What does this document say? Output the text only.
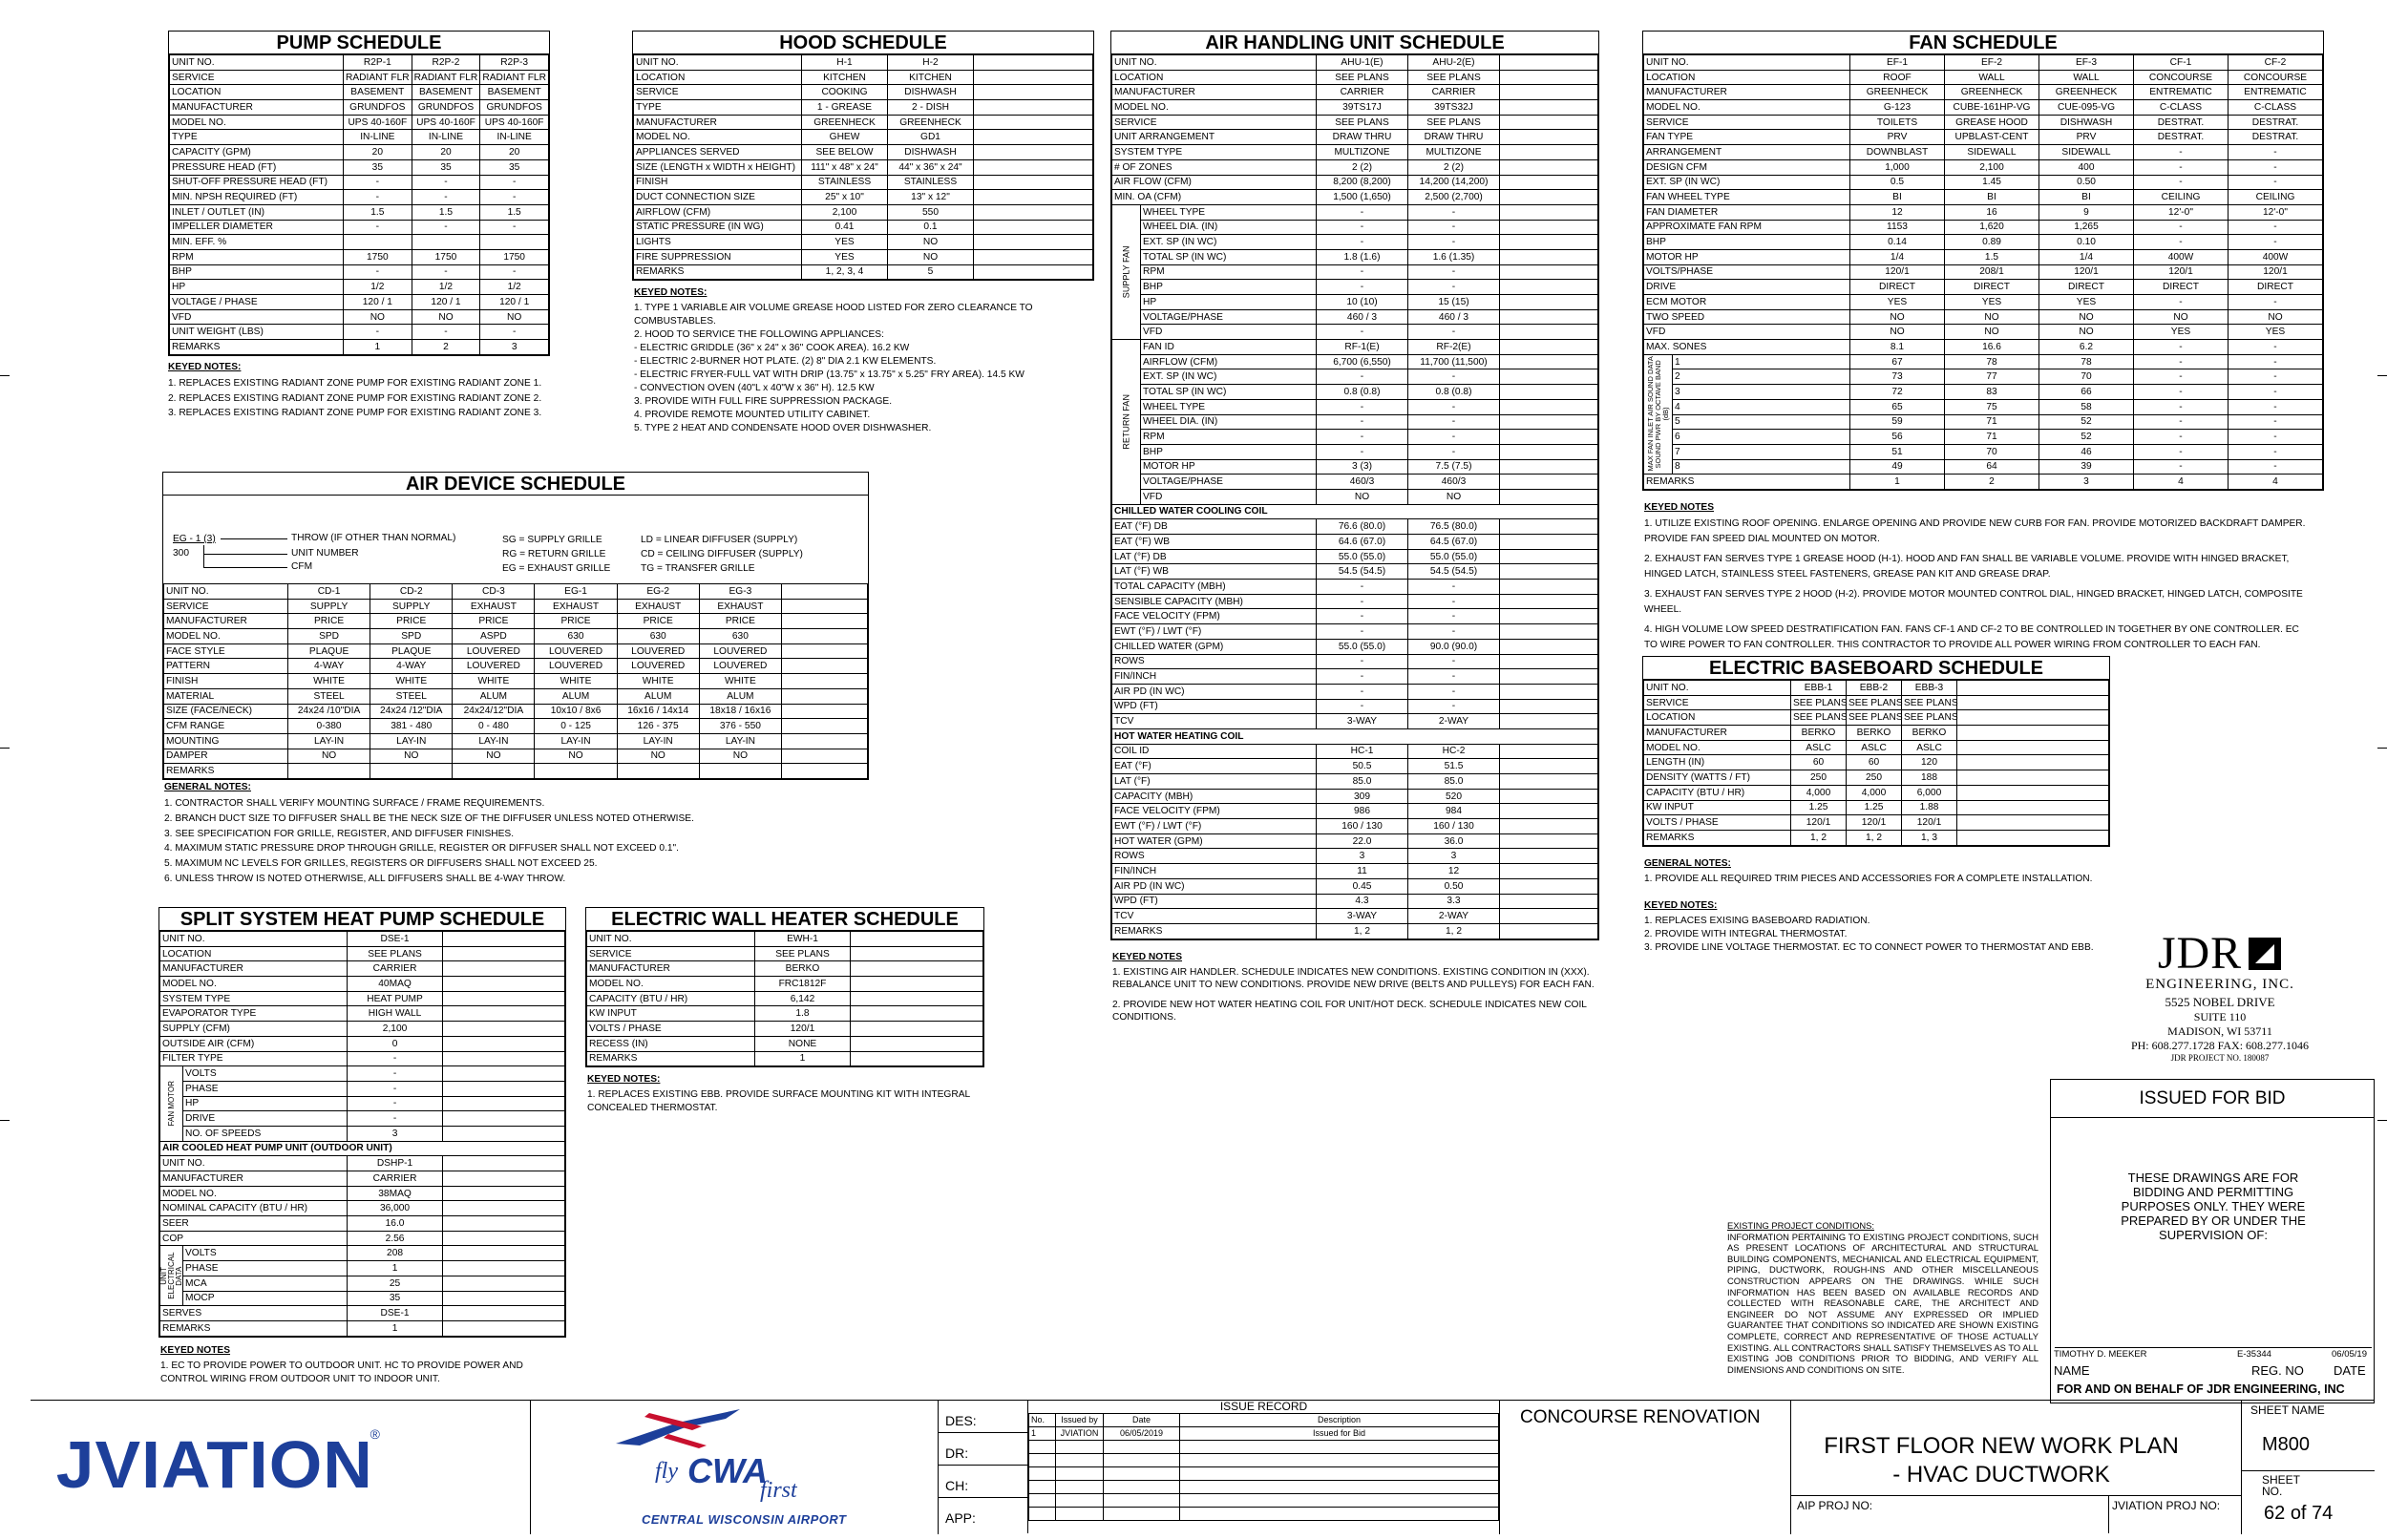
PUMP SCHEDULE
UNIT NO.	R2P-1	R2P-2	R2P-3
SERVICE	RADIANT FLR	RADIANT FLR	RADIANT FLR
LOCATION	BASEMENT	BASEMENT	BASEMENT
MANUFACTURER	GRUNDFOS	GRUNDFOS	GRUNDFOS
MODEL NO.	UPS 40-160F	UPS 40-160F	UPS 40-160F
TYPE	IN-LINE	IN-LINE	IN-LINE
CAPACITY (GPM)	20	20	20
PRESSURE HEAD (FT)	35	35	35
SHUT-OFF PRESSURE HEAD (FT)	-	-	-
MIN. NPSH REQUIRED (FT)	-	-	-
INLET / OUTLET (IN)	1.5	1.5	1.5
IMPELLER DIAMETER	-	-	-
MIN. EFF. %			
RPM	1750	1750	1750
BHP	-	-	-
HP	1/2	1/2	1/2
VOLTAGE / PHASE	120 / 1	120 / 1	120 / 1
VFD	NO	NO	NO
UNIT WEIGHT (LBS)	-	-	-
REMARKS	1	2	3
KEYED NOTES:
1. REPLACES EXISTING RADIANT ZONE PUMP FOR EXISTING RADIANT ZONE 1.
2. REPLACES EXISTING RADIANT ZONE PUMP FOR EXISTING RADIANT ZONE 2.
3. REPLACES EXISTING RADIANT ZONE PUMP FOR EXISTING RADIANT ZONE 3.
HOOD SCHEDULE
UNIT NO.	H-1	H-2	
LOCATION	KITCHEN	KITCHEN	
SERVICE	COOKING	DISHWASH	
TYPE	1 - GREASE	2 - DISH	
MANUFACTURER	GREENHECK	GREENHECK	
MODEL NO.	GHEW	GD1	
APPLIANCES SERVED	SEE BELOW	DISHWASH	
SIZE (LENGTH x WIDTH x HEIGHT)	111" x 48" x 24"	44" x 36" x 24"	
FINISH	STAINLESS	STAINLESS	
DUCT CONNECTION SIZE	25" x 10"	13" x 12"	
AIRFLOW (CFM)	2,100	550	
STATIC PRESSURE (IN WG)	0.41	0.1	
LIGHTS	YES	NO	
FIRE SUPPRESSION	YES	NO	
REMARKS	1, 2, 3, 4	5	
KEYED NOTES:
1. TYPE 1 VARIABLE AIR VOLUME GREASE HOOD LISTED FOR ZERO CLEARANCE TO
COMBUSTABLES.
2. HOOD TO SERVICE THE FOLLOWING APPLIANCES:
- ELECTRIC GRIDDLE (36" x 24" x 36" COOK AREA). 16.2 KW
- ELECTRIC 2-BURNER HOT PLATE. (2) 8" DIA 2.1 KW ELEMENTS.
- ELECTRIC FRYER-FULL VAT WITH DRIP (13.75" x 13.75" x 5.25" FRY AREA). 14.5 KW
- CONVECTION OVEN (40"L x 40"W x 36" H). 12.5 KW
3. PROVIDE WITH FULL FIRE SUPPRESSION PACKAGE.
4. PROVIDE REMOTE MOUNTED UTILITY CABINET.
5. TYPE 2 HEAT AND CONDENSATE HOOD OVER DISHWASHER.
AIR HANDLING UNIT SCHEDULE
UNIT NO.		AHU-1(E)	AHU-2(E)	
LOCATION		SEE PLANS	SEE PLANS	
MANUFACTURER		CARRIER	CARRIER	
MODEL NO.		39TS17J	39TS32J	
SERVICE		SEE PLANS	SEE PLANS	
UNIT ARRANGEMENT		DRAW THRU	DRAW THRU	
SYSTEM TYPE		MULTIZONE	MULTIZONE	
# OF ZONES		2 (2)	2 (2)	
AIR FLOW (CFM)		8,200 (8,200)	14,200 (14,200)	
MIN. OA (CFM)		1,500 (1,650)	2,500 (2,700)	
SUPPLY FAN	WHEEL TYPE	-	-	
	WHEEL DIA. (IN)	-	-	
	EXT. SP (IN WC)	-	-	
	TOTAL SP (IN WC)	1.8 (1.6)	1.6 (1.35)	
	RPM	-	-	
	BHP	-	-	
	HP	10 (10)	15 (15)	
	VOLTAGE/PHASE	460 / 3	460 / 3	
	VFD	-	-	
RETURN FAN	FAN ID	RF-1(E)	RF-2(E)	
	AIRFLOW (CFM)	6,700 (6,550)	11,700 (11,500)	
	EXT. SP (IN WC)	-	-	
	TOTAL SP (IN WC)	0.8 (0.8)	0.8 (0.8)	
	WHEEL TYPE	-	-	
	WHEEL DIA. (IN)	-	-	
	RPM	-	-	
	BHP	-	-	
	MOTOR HP	3 (3)	7.5 (7.5)	
	VOLTAGE/PHASE	460/3	460/3	
	VFD	NO	NO	
CHILLED WATER COOLING COIL				
EAT (°F) DB		76.6 (80.0)	76.5 (80.0)	
EAT (°F) WB		64.6 (67.0)	64.5 (67.0)	
LAT (°F) DB		55.0 (55.0)	55.0 (55.0)	
LAT (°F) WB		54.5 (54.5)	54.5 (54.5)	
TOTAL CAPACITY (MBH)		-	-	
SENSIBLE CAPACITY (MBH)		-	-	
FACE VELOCITY (FPM)		-	-	
EWT (°F) / LWT (°F)		-	-	
CHILLED WATER (GPM)		55.0 (55.0)	90.0 (90.0)	
ROWS		-	-	
FIN/INCH		-	-	
AIR PD (IN WC)		-	-	
WPD (FT)		-	-	
TCV		3-WAY	2-WAY	
HOT WATER HEATING COIL				
COIL ID		HC-1	HC-2	
EAT (°F)		50.5	51.5	
LAT (°F)		85.0	85.0	
CAPACITY (MBH)		309	520	
FACE VELOCITY (FPM)		986	984	
EWT (°F) / LWT (°F)		160 / 130	160 / 130	
HOT WATER (GPM)		22.0	36.0	
ROWS		3	3	
FIN/INCH		11	12	
AIR PD (IN WC)		0.45	0.50	
WPD (FT)		4.3	3.3	
TCV		3-WAY	2-WAY	
REMARKS		1, 2	1, 2	
KEYED NOTES
1. EXISTING AIR HANDLER. SCHEDULE INDICATES NEW CONDITIONS. EXISTING CONDITION IN (XXX).
REBALANCE UNIT TO NEW CONDITIONS. PROVIDE NEW DRIVE (BELTS AND PULLEYS) FOR EACH FAN.
2. PROVIDE NEW HOT WATER HEATING COIL FOR UNIT/HOT DECK. SCHEDULE INDICATES NEW COIL
CONDITIONS.
FAN SCHEDULE
UNIT NO.		EF-1	EF-2	EF-3	CF-1	CF-2
LOCATION		ROOF	WALL	WALL	CONCOURSE	CONCOURSE
MANUFACTURER		GREENHECK	GREENHECK	GREENHECK	ENTREMATIC	ENTREMATIC
MODEL NO.		G-123	CUBE-161HP-VG	CUE-095-VG	C-CLASS	C-CLASS
SERVICE		TOILETS	GREASE HOOD	DISHWASH	DESTRAT.	DESTRAT.
FAN TYPE		PRV	UPBLAST-CENT	PRV	DESTRAT.	DESTRAT.
ARRANGEMENT		DOWNBLAST	SIDEWALL	SIDEWALL	-	-
DESIGN CFM		1,000	2,100	400	-	-
EXT. SP (IN WC)		0.5	1.45	0.50	-	-
FAN WHEEL TYPE		BI	BI	BI	CEILING	CEILING
FAN DIAMETER		12	16	9	12'-0"	12'-0"
APPROXIMATE FAN RPM		1153	1,620	1,265	-	-
BHP		0.14	0.89	0.10	-	-
MOTOR HP		1/4	1.5	1/4	400W	400W
VOLTS/PHASE		120/1	208/1	120/1	120/1	120/1
DRIVE		DIRECT	DIRECT	DIRECT	DIRECT	DIRECT
ECM MOTOR		YES	YES	YES	-	-
TWO SPEED		NO	NO	NO	NO	NO
VFD		NO	NO	NO	YES	YES
MAX. SONES		8.1	16.6	6.2	-	-
MAX FAN INLET AIR SOUND DATA SOUND PWR BY OCTAVE BAND (dB)	1	67	78	78	-	-
	2	73	77	70	-	-
	3	72	83	66	-	-
	4	65	75	58	-	-
	5	59	71	52	-	-
	6	56	71	52	-	-
	7	51	70	46	-	-
	8	49	64	39	-	-
REMARKS		1	2	3	4	4
KEYED NOTES
1. UTILIZE EXISTING ROOF OPENING. ENLARGE OPENING AND PROVIDE NEW CURB FOR FAN. PROVIDE MOTORIZED BACKDRAFT DAMPER.
PROVIDE FAN SPEED DIAL MOUNTED ON MOTOR.
2. EXHAUST FAN SERVES TYPE 1 GREASE HOOD (H-1). HOOD AND FAN SHALL BE VARIABLE VOLUME. PROVIDE WITH HINGED BRACKET,
HINGED LATCH, STAINLESS STEEL FASTENERS, GREASE PAN KIT AND GREASE DRAP.
3. EXHAUST FAN SERVES TYPE 2 HOOD (H-2). PROVIDE MOTOR MOUNTED CONTROL DIAL, HINGED BRACKET, HINGED LATCH, COMPOSITE
WHEEL.
4. HIGH VOLUME LOW SPEED DESTRATIFICATION FAN. FANS CF-1 AND CF-2 TO BE CONTROLLED IN TOGETHER BY ONE CONTROLLER. EC
TO WIRE POWER TO FAN CONTROLLER. THIS CONTRACTOR TO PROVIDE ALL POWER WIRING FROM CONTROLLER TO EACH FAN.
AIR DEVICE SCHEDULE
EG - 1 (3)
300
THROW (IF OTHER THAN NORMAL)
UNIT NUMBER
CFM
SG = SUPPLY GRILLE
RG = RETURN GRILLE
EG = EXHAUST GRILLE
LD = LINEAR DIFFUSER (SUPPLY)
CD = CEILING DIFFUSER (SUPPLY)
TG = TRANSFER GRILLE
UNIT NO.	CD-1	CD-2	CD-3	EG-1	EG-2	EG-3	
SERVICE	SUPPLY	SUPPLY	EXHAUST	EXHAUST	EXHAUST	EXHAUST	
MANUFACTURER	PRICE	PRICE	PRICE	PRICE	PRICE	PRICE	
MODEL NO.	SPD	SPD	ASPD	630	630	630	
FACE STYLE	PLAQUE	PLAQUE	LOUVERED	LOUVERED	LOUVERED	LOUVERED	
PATTERN	4-WAY	4-WAY	LOUVERED	LOUVERED	LOUVERED	LOUVERED	
FINISH	WHITE	WHITE	WHITE	WHITE	WHITE	WHITE	
MATERIAL	STEEL	STEEL	ALUM	ALUM	ALUM	ALUM	
SIZE (FACE/NECK)	24x24 /10"DIA	24x24 /12"DIA	24x24/12"DIA	10x10 / 8x6	16x16 / 14x14	18x18 / 16x16	
CFM RANGE	0-380	381 - 480	0 - 480	0 - 125	126 - 375	376 - 550	
MOUNTING	LAY-IN	LAY-IN	LAY-IN	LAY-IN	LAY-IN	LAY-IN	
DAMPER	NO	NO	NO	NO	NO	NO	
REMARKS							
GENERAL NOTES:
1. CONTRACTOR SHALL VERIFY MOUNTING SURFACE / FRAME REQUIREMENTS.
2. BRANCH DUCT SIZE TO DIFFUSER SHALL BE THE NECK SIZE OF THE DIFFUSER UNLESS NOTED OTHERWISE.
3. SEE SPECIFICATION FOR GRILLE, REGISTER, AND DIFFUSER FINISHES.
4. MAXIMUM STATIC PRESSURE DROP THROUGH GRILLE, REGISTER OR DIFFUSER SHALL NOT EXCEED 0.1".
5. MAXIMUM NC LEVELS FOR GRILLES, REGISTERS OR DIFFUSERS SHALL NOT EXCEED 25.
6. UNLESS THROW IS NOTED OTHERWISE, ALL DIFFUSERS SHALL BE 4-WAY THROW.
SPLIT SYSTEM HEAT PUMP SCHEDULE
UNIT NO.		DSE-1	
LOCATION		SEE PLANS	
MANUFACTURER		CARRIER	
MODEL NO.		40MAQ	
SYSTEM TYPE		HEAT PUMP	
EVAPORATOR TYPE		HIGH WALL	
SUPPLY (CFM)		2,100	
OUTSIDE AIR (CFM)		0	
FILTER TYPE		-	
FAN MOTOR	VOLTS	-	
	PHASE	-	
	HP	-	
	DRIVE	-	
	NO. OF SPEEDS	3	
AIR COOLED HEAT PUMP UNIT (OUTDOOR UNIT)			
UNIT NO.		DSHP-1	
MANUFACTURER		CARRIER	
MODEL NO.		38MAQ	
NOMINAL CAPACITY (BTU / HR)		36,000	
SEER		16.0	
COP		2.56	
UNIT ELECTRICAL DATA	VOLTS	208	
	PHASE	1	
	MCA	25	
	MOCP	35	
SERVES		DSE-1	
REMARKS		1	
KEYED NOTES
1. EC TO PROVIDE POWER TO OUTDOOR UNIT. HC TO PROVIDE POWER AND
CONTROL WIRING FROM OUTDOOR UNIT TO INDOOR UNIT.
ELECTRIC WALL HEATER SCHEDULE
UNIT NO.	EWH-1	
SERVICE	SEE PLANS	
MANUFACTURER	BERKO	
MODEL NO.	FRC1812F	
CAPACITY (BTU / HR)	6,142	
KW INPUT	1.8	
VOLTS / PHASE	120/1	
RECESS (IN)	NONE	
REMARKS	1	
KEYED NOTES:
1. REPLACES EXISTING EBB. PROVIDE SURFACE MOUNTING KIT WITH INTEGRAL
CONCEALED THERMOSTAT.
ELECTRIC BASEBOARD SCHEDULE
UNIT NO.	EBB-1	EBB-2	EBB-3	
SERVICE	SEE PLANS	SEE PLANS	SEE PLANS	
LOCATION	SEE PLANS	SEE PLANS	SEE PLANS	
MANUFACTURER	BERKO	BERKO	BERKO	
MODEL NO.	ASLC	ASLC	ASLC	
LENGTH (IN)	60	60	120	
DENSITY (WATTS / FT)	250	250	188	
CAPACITY (BTU / HR)	4,000	4,000	6,000	
KW INPUT	1.25	1.25	1.88	
VOLTS / PHASE	120/1	120/1	120/1	
REMARKS	1, 2	1, 2	1, 3	
GENERAL NOTES:
1. PROVIDE ALL REQUIRED TRIM PIECES AND ACCESSORIES FOR A COMPLETE INSTALLATION.
KEYED NOTES:
1. REPLACES EXISING BASEBOARD RADIATION.
2. PROVIDE WITH INTEGRAL THERMOSTAT.
3. PROVIDE LINE VOLTAGE THERMOSTAT. EC TO CONNECT POWER TO THERMOSTAT AND EBB.
EXISTING PROJECT CONDITIONS:
INFORMATION PERTAINING TO EXISTING PROJECT CONDITIONS, SUCH AS PRESENT LOCATIONS OF ARCHITECTURAL AND STRUCTURAL BUILDING COMPONENTS, MECHANICAL AND ELECTRICAL EQUIPMENT, PIPING, DUCTWORK, ROUGH-INS AND OTHER MISCELLANEOUS CONSTRUCTION APPEARS ON THE DRAWINGS. WHILE SUCH INFORMATION HAS BEEN BASED ON AVAILABLE RECORDS AND COLLECTED WITH REASONABLE CARE, THE ARCHITECT AND ENGINEER DO NOT ASSUME ANY EXPRESSED OR IMPLIED GUARANTEE THAT CONDITIONS SO INDICATED ARE SHOWN EXISTING COMPLETE, CORRECT AND REPRESENTATIVE OF THOSE ACTUALLY EXISTING. ALL CONTRACTORS SHALL SATISFY THEMSELVES AS TO ALL EXISTING JOB CONDITIONS PRIOR TO BIDDING, AND VERIFY ALL DIMENSIONS AND CONDITIONS ON SITE.
JDR
ENGINEERING, INC.
5525 NOBEL DRIVE
SUITE 110
MADISON, WI 53711
PH: 608.277.1728 FAX: 608.277.1046
JDR PROJECT NO. 180087
ISSUED FOR BID
THESE DRAWINGS ARE FOR BIDDING AND PERMITTING PURPOSES ONLY. THEY WERE PREPARED BY OR UNDER THE SUPERVISION OF:
TIMOTHY D. MEEKER	E-35344	06/05/19
NAME	REG. NO DATE
FOR AND ON BEHALF OF JDR ENGINEERING, INC
JVIATION®
fly CWA
first
CENTRAL WISCONSIN AIRPORT
DES:
DR:
CH:
APP:
ISSUE RECORD
No.	Issued by	Date	Description
1	JVIATION	06/05/2019	Issued for Bid

CONCOURSE RENOVATION
FIRST FLOOR NEW WORK PLAN
- HVAC DUCTWORK
AIP PROJ NO:	JVIATION PROJ NO:
SHEET NAME
M800
SHEET NO.
62 of 74
